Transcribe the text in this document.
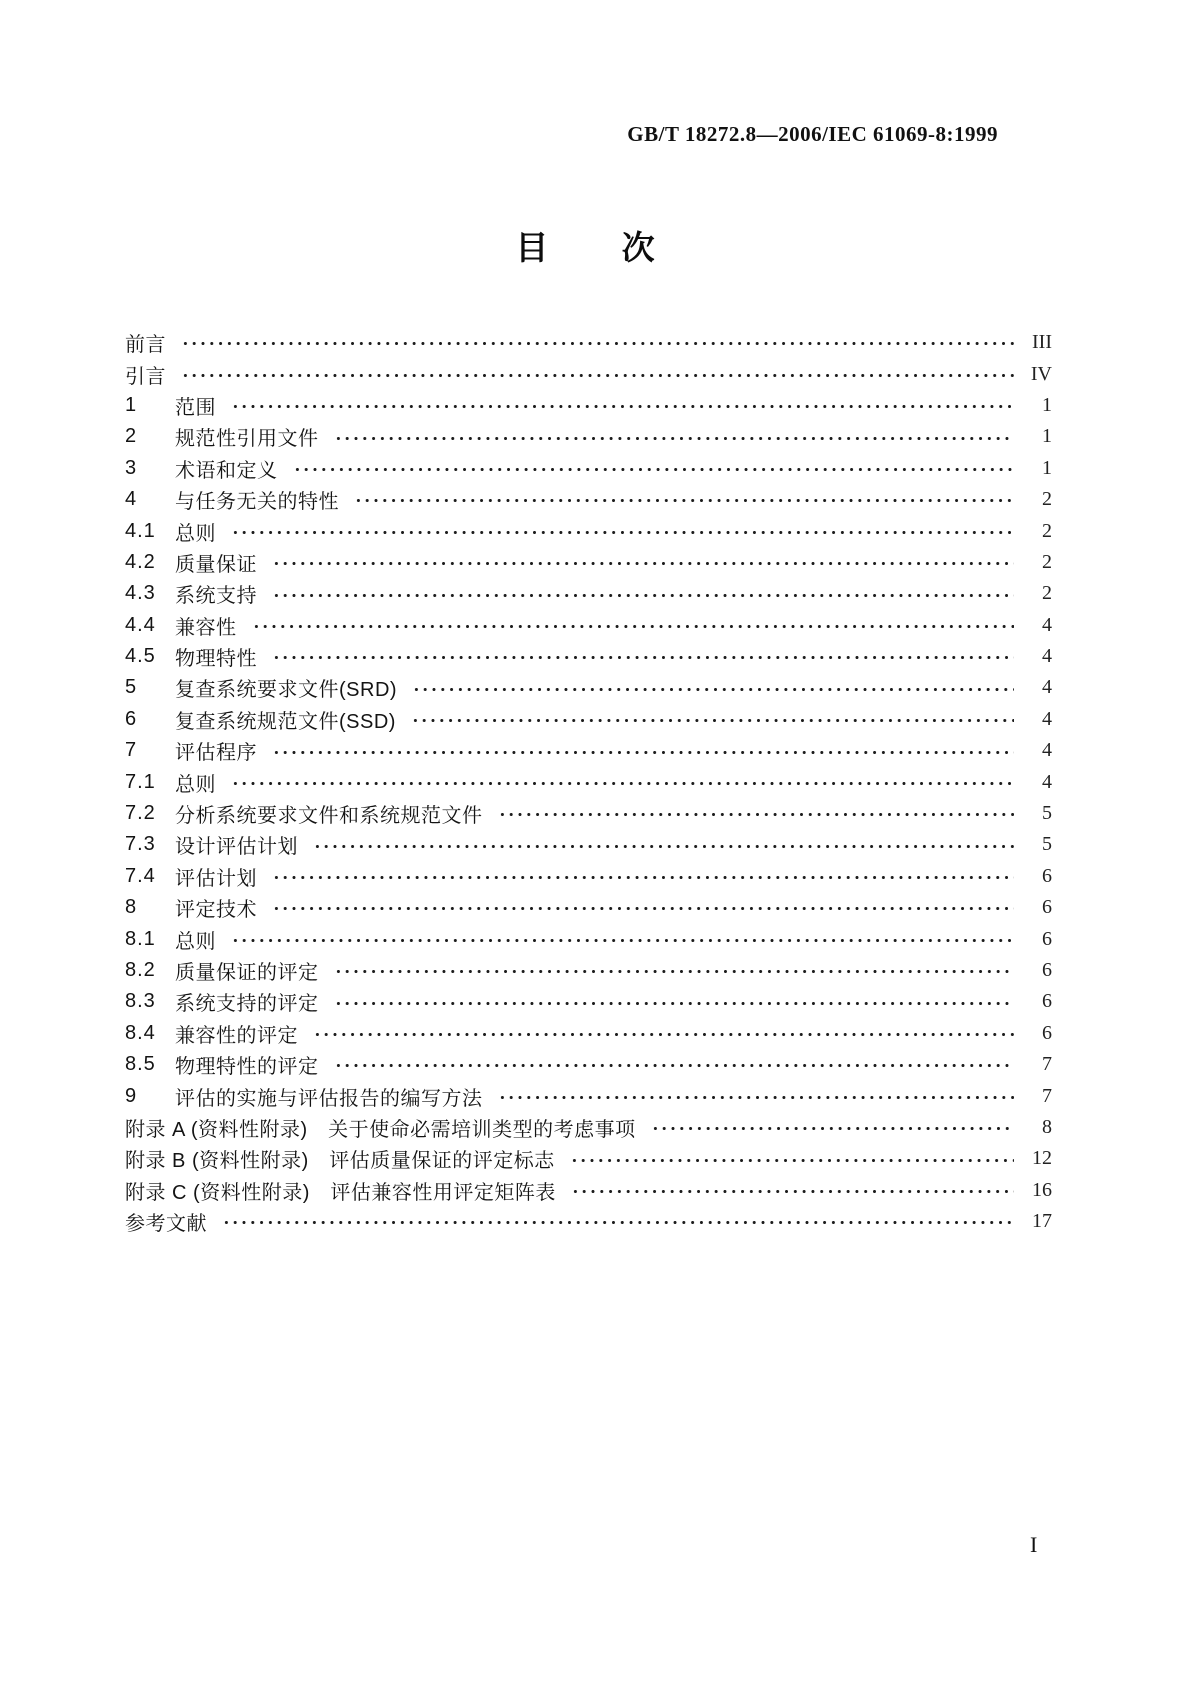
GB/T 18272.8—2006/IEC 61069-8:1999
目 次
前言	III
引言	IV
1	范围	1
2	规范性引用文件	1
3	术语和定义	1
4	与任务无关的特性	2
4.1 总则	2
4.2 质量保证	2
4.3 系统支持	2
4.4 兼容性	4
4.5 物理特性	4
5	复查系统要求文件(SRD)	4
6	复查系统规范文件(SSD)	4
7	评估程序	4
7.1 总则	4
7.2 分析系统要求文件和系统规范文件	5
7.3 设计评估计划	5
7.4 评估计划	6
8	评定技术	6
8.1 总则	6
8.2 质量保证的评定	6
8.3 系统支持的评定	6
8.4 兼容性的评定	6
8.5 物理特性的评定	7
9	评估的实施与评估报告的编写方法	7
附录 A (资料性附录)　关于使命必需培训类型的考虑事项	8
附录 B (资料性附录)　评估质量保证的评定标志	12
附录 C (资料性附录)　评估兼容性用评定矩阵表	16
参考文献	17
I
